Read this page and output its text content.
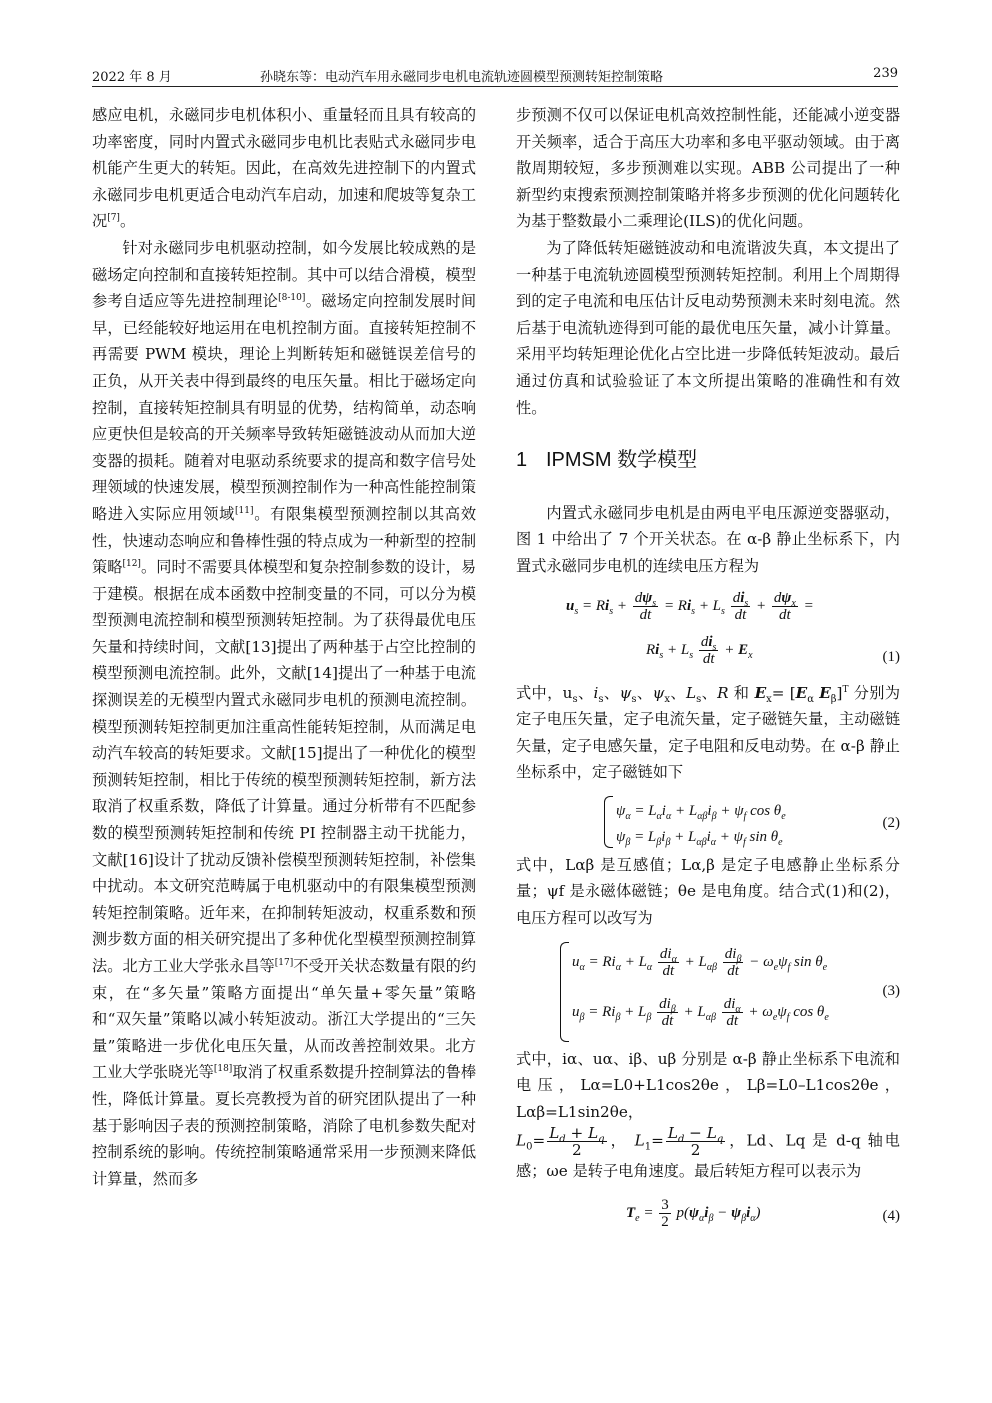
2022 年 8 月	孙晓东等：电动汽车用永磁同步电机电流轨迹圆模型预测转矩控制策略	239

感应电机，永磁同步电机体积小、重量轻而且具有较高的功率密度，同时内置式永磁同步电机比表贴式永磁同步电机能产生更大的转矩。因此，在高效先进控制下的内置式永磁同步电机更适合电动汽车启动，加速和爬坡等复杂工况[7]。

针对永磁同步电机驱动控制，如今发展比较成熟的是磁场定向控制和直接转矩控制。其中可以结合滑模，模型参考自适应等先进控制理论[8-10]。磁场定向控制发展时间早，已经能较好地运用在电机控制方面。直接转矩控制不再需要 PWM 模块，理论上判断转矩和磁链误差信号的正负，从开关表中得到最终的电压矢量。相比于磁场定向控制，直接转矩控制具有明显的优势，结构简单，动态响应更快但是较高的开关频率导致转矩磁链波动从而加大逆变器的损耗。随着对电驱动系统要求的提高和数字信号处理领域的快速发展，模型预测控制作为一种高性能控制策略进入实际应用领域[11]。有限集模型预测控制以其高效性，快速动态响应和鲁棒性强的特点成为一种新型的控制策略[12]。同时不需要具体模型和复杂控制参数的设计，易于建模。根据在成本函数中控制变量的不同，可以分为模型预测电流控制和模型预测转矩控制。为了获得最优电压矢量和持续时间，文献[13]提出了两种基于占空比控制的模型预测电流控制。此外，文献[14]提出了一种基于电流探测误差的无模型内置式永磁同步电机的预测电流控制。模型预测转矩控制更加注重高性能转矩控制，从而满足电动汽车较高的转矩要求。文献[15]提出了一种优化的模型预测转矩控制，相比于传统的模型预测转矩控制，新方法取消了权重系数，降低了计算量。通过分析带有不匹配参数的模型预测转矩控制和传统 PI 控制器主动干扰能力，文献[16]设计了扰动反馈补偿模型预测转矩控制，补偿集中扰动。本文研究范畴属于电机驱动中的有限集模型预测转矩控制策略。近年来，在抑制转矩波动，权重系数和预测步数方面的相关研究提出了多种优化型模型预测控制算法。北方工业大学张永昌等[17]不受开关状态数量有限的约束，在“多矢量”策略方面提出“单矢量+零矢量”策略和“双矢量”策略以减小转矩波动。浙江大学提出的“三矢量”策略进一步优化电压矢量，从而改善控制效果。北方工业大学张晓光等[18]取消了权重系数提升控制算法的鲁棒性，降低计算量。夏长亮教授为首的研究团队提出了一种基于影响因子表的预测控制策略，消除了电机参数失配对控制系统的影响。传统控制策略通常采用一步预测来降低计算量，然而多

步预测不仅可以保证电机高效控制性能，还能减小逆变器开关频率，适合于高压大功率和多电平驱动领域。由于离散周期较短，多步预测难以实现。ABB 公司提出了一种新型约束搜索预测控制策略并将多步预测的优化问题转化为基于整数最小二乘理论(ILS)的优化问题。

为了降低转矩磁链波动和电流谐波失真，本文提出了一种基于电流轨迹圆模型预测转矩控制。利用上个周期得到的定子电流和电压估计反电动势预测未来时刻电流。然后基于电流轨迹得到可能的最优电压矢量，减小计算量。采用平均转矩理论优化占空比进一步降低转矩波动。最后通过仿真和试验验证了本文所提出策略的准确性和有效性。

1 IPMSM 数学模型

内置式永磁同步电机是由两电平电压源逆变器驱动，图 1 中给出了 7 个开关状态。在 α-β 静止坐标系下，内置式永磁同步电机的连续电压方程为

$u_s = Ri_s + \frac{d\psi_s}{dt} = Ri_s + L_s \frac{di_s}{dt} + \frac{d\psi_x}{dt}$ =
$Ri_s + L_s \frac{di_s}{dt} + E_x$	(1)

式中，$u_s$、$i_s$、$\psi_s$、$\psi_x$、$L_s$、R 和 $E_x= [E_\alpha$ $E_\beta]^T$ 分别为定子电压矢量，定子电流矢量，定子磁链矢量，主动磁链矢量，定子电感矢量，定子电阻和反电动势。在 α-β 静止坐标系中，定子磁链如下

$\psi_\alpha = L_\alpha i_\alpha + L_{\alpha\beta}i_\beta + \psi_f$ $\cos \theta_e$
$\psi_\beta = L_\beta i_\beta + L_{\alpha\beta}i_\alpha + \psi_f$ $\sin \theta_e$
(2)

式中，Lαβ 是互感值；Lα,β 是定子电感静止坐标系分量；ψf 是永磁体磁链；θe 是电角度。结合式(1)和(2)，电压方程可以改写为

$u_\alpha = Ri_\alpha + L_\alpha \frac{di_\alpha}{dt} + L_{\alpha\beta} \frac{di_\beta}{dt} - \omega_e\psi_f$ $\sin \theta_e$
$u_\beta = Ri_\beta + L_\beta \frac{di_\beta}{dt} + L_{\alpha\beta} \frac{di_\alpha}{dt} + \omega_e\psi_f$ $\cos \theta_e$
(3)

式中，iα、uα、iβ、uβ 分别是 α-β 静止坐标系下电流和电压，Lα=L0+L1cos2θe，Lβ=L0–L1cos2θe，Lαβ=L1sin2θe，
$L_0= \frac{L_d + L_q}{2}$ ， $L_1= \frac{L_d - L_q}{2}$ ，Ld、Lq 是 d-q 轴电感；ωe 是转子电角速度。最后转矩方程可以表示为

$T_e = \frac{3}{2} p(\psi_\alpha i_\beta - \psi_\beta i_\alpha)$	(4)
